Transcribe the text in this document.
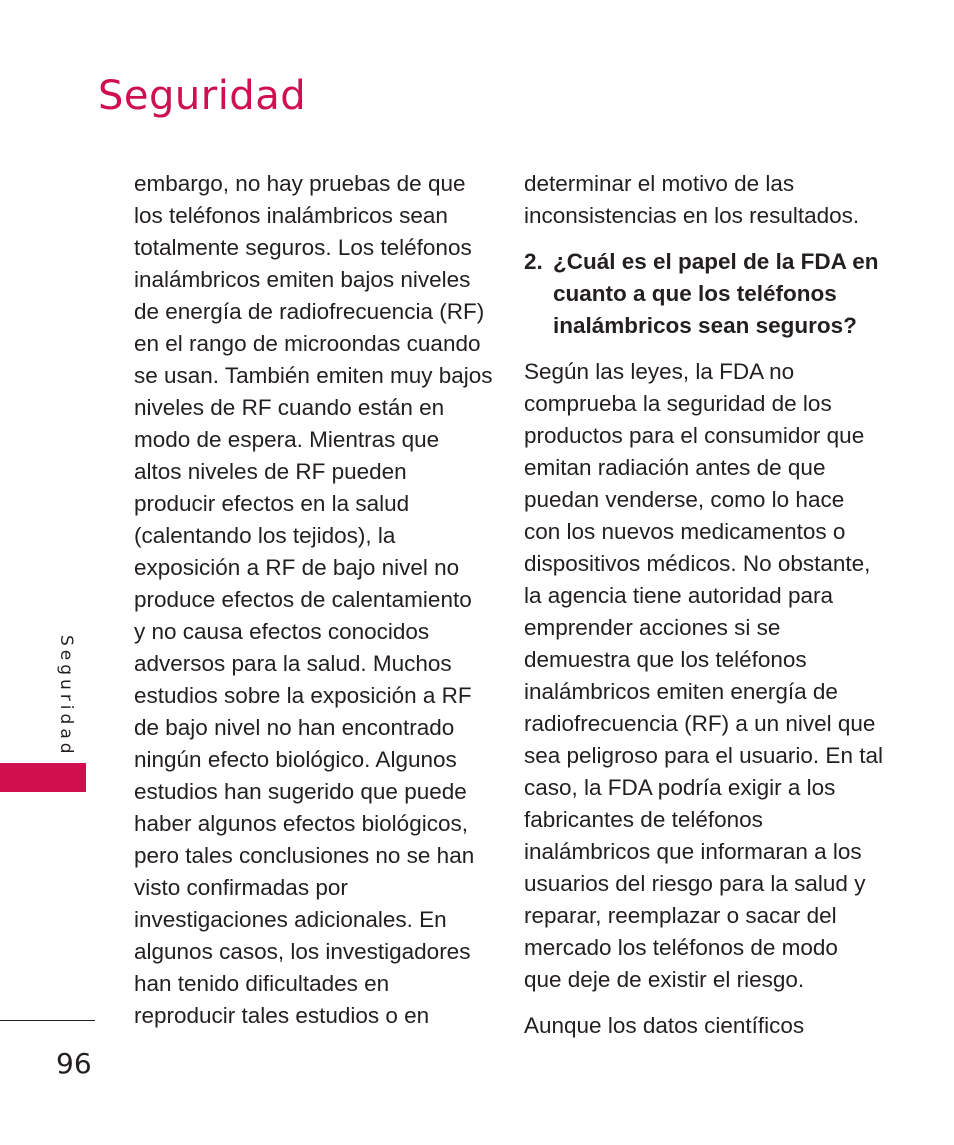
Seguridad

embargo, no hay pruebas de que
los teléfonos inalámbricos sean
totalmente seguros. Los teléfonos
inalámbricos emiten bajos niveles
de energía de radiofrecuencia (RF)
en el rango de microondas cuando
se usan. También emiten muy bajos
niveles de RF cuando están en
modo de espera. Mientras que
altos niveles de RF pueden
producir efectos en la salud
(calentando los tejidos), la
exposición a RF de bajo nivel no
produce efectos de calentamiento
y no causa efectos conocidos
adversos para la salud. Muchos
estudios sobre la exposición a RF
de bajo nivel no han encontrado
ningún efecto biológico. Algunos
estudios han sugerido que puede
haber algunos efectos biológicos,
pero tales conclusiones no se han
visto confirmadas por
investigaciones adicionales. En
algunos casos, los investigadores
han tenido dificultades en
reproducir tales estudios o en

determinar el motivo de las
inconsistencias en los resultados.

2. ¿Cuál es el papel de la FDA en
cuanto a que los teléfonos
inalámbricos sean seguros?

Según las leyes, la FDA no
comprueba la seguridad de los
productos para el consumidor que
emitan radiación antes de que
puedan venderse, como lo hace
con los nuevos medicamentos o
dispositivos médicos. No obstante,
la agencia tiene autoridad para
emprender acciones si se
demuestra que los teléfonos
inalámbricos emiten energía de
radiofrecuencia (RF) a un nivel que
sea peligroso para el usuario. En tal
caso, la FDA podría exigir a los
fabricantes de teléfonos
inalámbricos que informaran a los
usuarios del riesgo para la salud y
reparar, reemplazar o sacar del
mercado los teléfonos de modo
que deje de existir el riesgo.

Aunque los datos científicos

Seguridad
96
